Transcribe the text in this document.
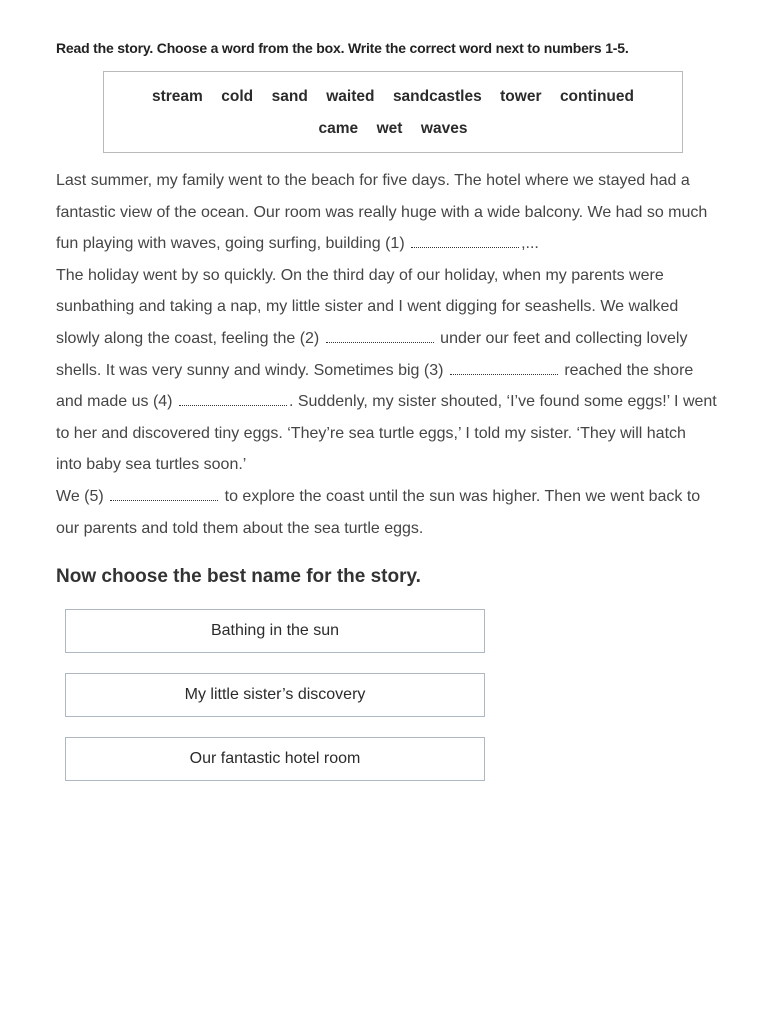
Read the story. Choose a word from the box. Write the correct word next to numbers 1-5.
stream cold sand waited sandcastles tower continued
came wet waves
Last summer, my family went to the beach for five days. The hotel where we stayed had a
fantastic view of the ocean. Our room was really huge with a wide balcony. We had so much
fun playing with waves, going surfing, building (1)	,...
The holiday went by so quickly. On the third day of our holiday, when my parents were
sunbathing and taking a nap, my little sister and I went digging for seashells. We walked
slowly along the coast, feeling the (2)	under our feet and collecting lovely
shells. It was very sunny and windy. Sometimes big (3)	reached the shore
and made us (4)	. Suddenly, my sister shouted, ‘I’ve found some eggs!’ I went
to her and discovered tiny eggs. ‘They’re sea turtle eggs,’ I told my sister. ‘They will hatch
into baby sea turtles soon.’
We (5)	to explore the coast until the sun was higher. Then we went back to
our parents and told them about the sea turtle eggs.
Now choose the best name for the story.
Bathing in the sun
My little sister’s discovery
Our fantastic hotel room
